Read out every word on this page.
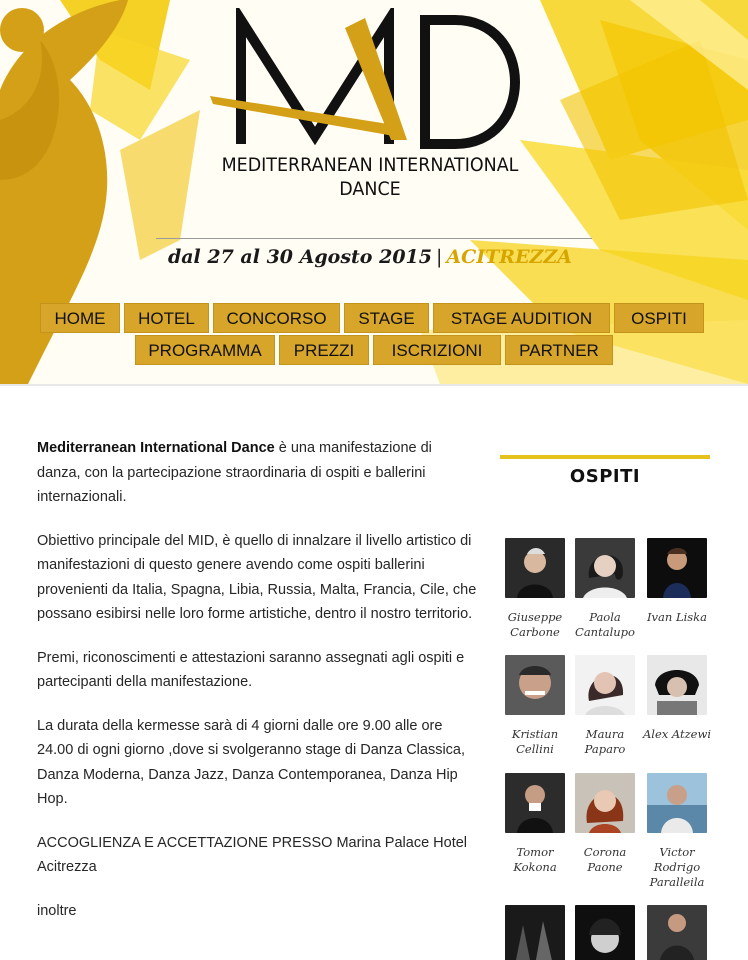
MEDITERRANEAN INTERNATIONAL
DANCE
dal 27 al 30 Agosto 2015 | ACITREZZA
HOME	HOTEL	CONCORSO	STAGE	STAGE AUDITION	OSPITI
PROGRAMMA	PREZZI	ISCRIZIONI	PARTNER

Mediterranean International Dance è una manifestazione di danza, con la partecipazione straordinaria di ospiti e ballerini internazionali.

Obiettivo principale del MID, è quello di innalzare il livello artistico di manifestazioni di questo genere avendo come ospiti ballerini provenienti da Italia, Spagna, Libia, Russia, Malta, Francia, Cile, che possano esibirsi nelle loro forme artistiche, dentro il nostro territorio.

Premi, riconoscimenti e attestazioni saranno assegnati agli ospiti e partecipanti della manifestazione.

La durata della kermesse sarà di 4 giorni dalle ore 9.00 alle ore 24.00 di ogni giorno ,dove si svolgeranno stage di Danza Classica, Danza Moderna, Danza Jazz, Danza Contemporanea, Danza Hip Hop.

ACCOGLIENZA E ACCETTAZIONE PRESSO Marina Palace Hotel Acitrezza

inoltre

OSPITI
Giuseppe Carbone
Paola Cantalupo
Ivan Liska
Kristian Cellini
Maura Paparo
Alex Atzewi
Tomor Kokona
Corona Paone
Victor Rodrigo Paralleila
